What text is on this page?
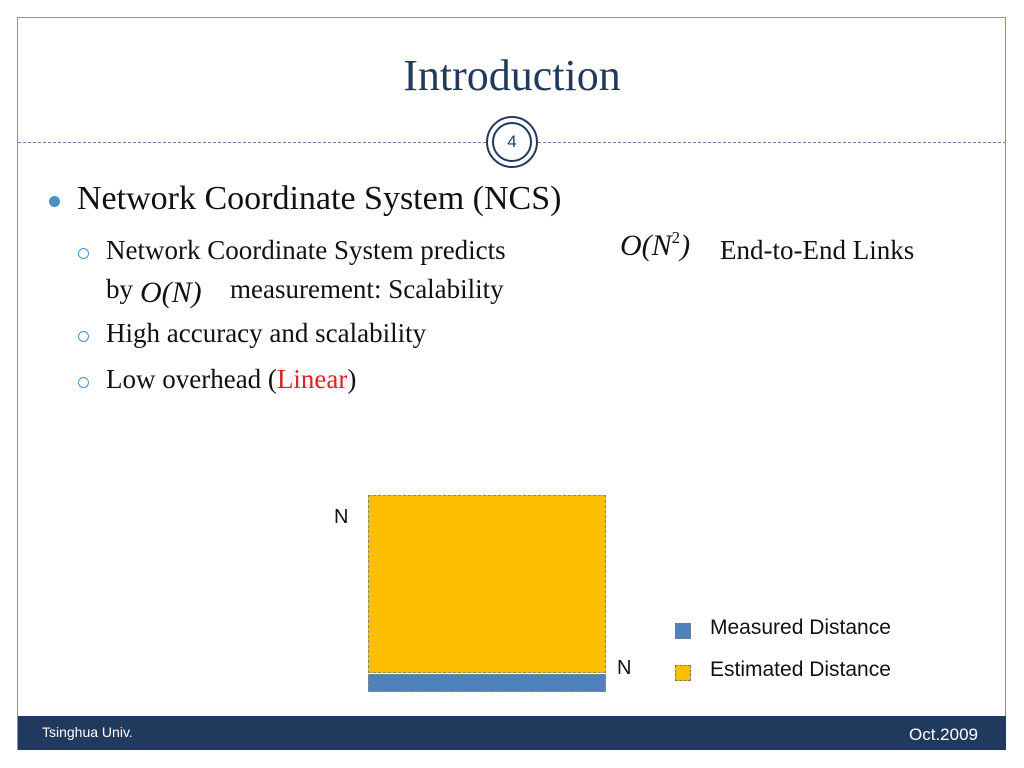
Introduction
4
Network Coordinate System (NCS)
Network Coordinate System predicts	$O(N^2)$ End-to-End Links
by O(N) measurement: Scalability
High accuracy and scalability
Low overhead (Linear)
N
N
Measured Distance
Estimated Distance
Tsinghua Univ.	Oct.2009
